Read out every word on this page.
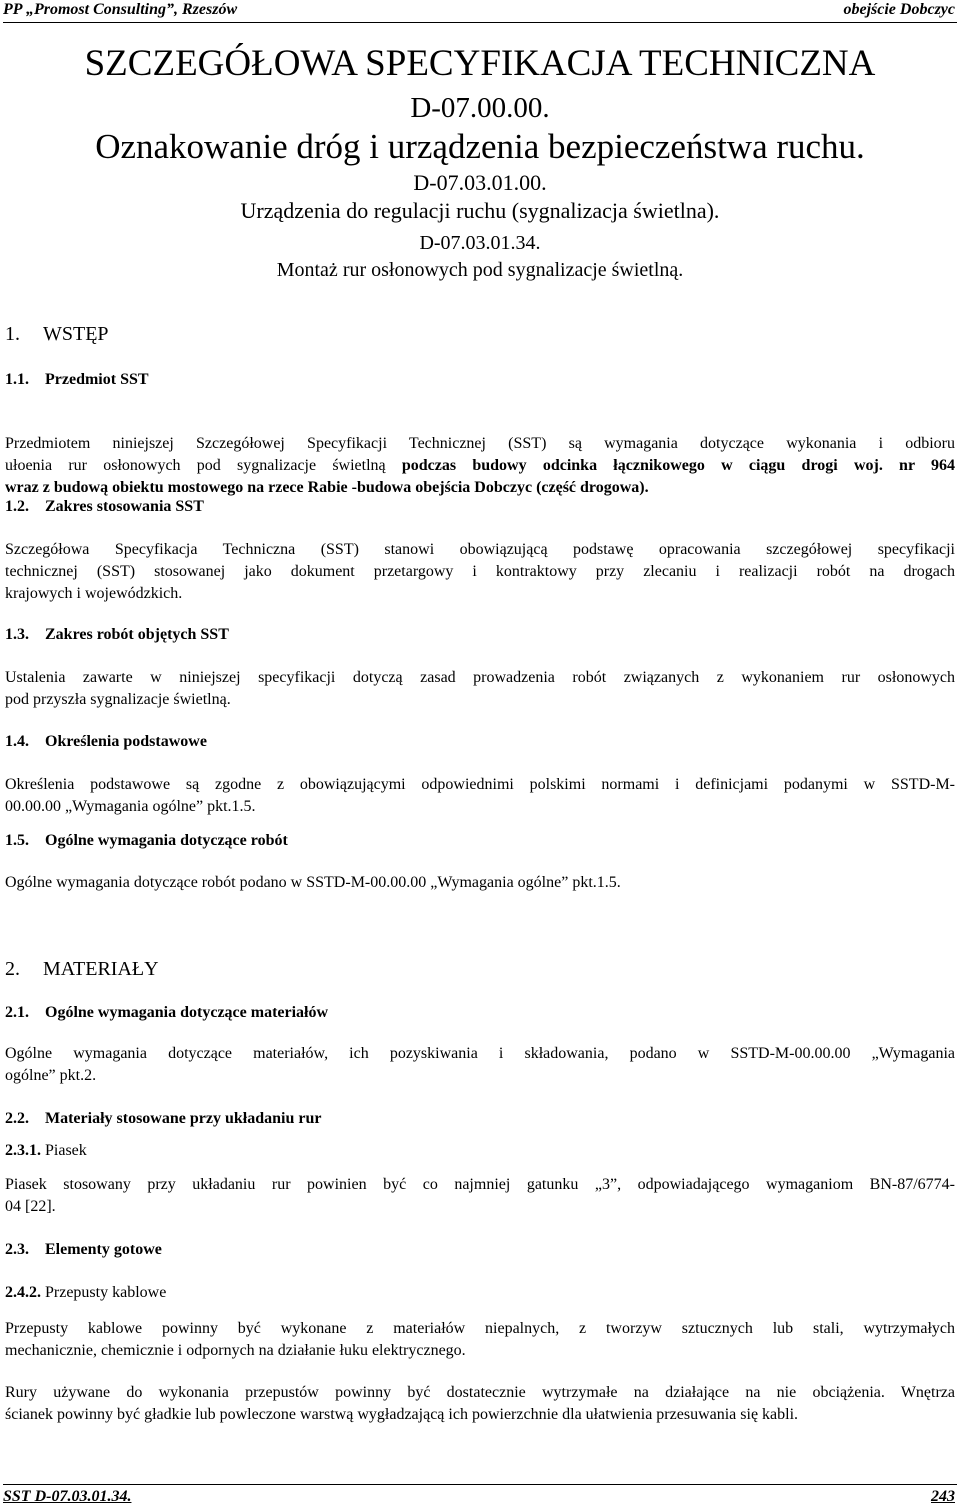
PP „Promost Consulting”, Rzeszów	obejście Dobczyc
SZCZEGÓŁOWA SPECYFIKACJA TECHNICZNA
D-07.00.00.
Oznakowanie dróg i urządzenia bezpieczeństwa ruchu.
D-07.03.01.00.
Urządzenia do regulacji ruchu (sygnalizacja świetlna).
D-07.03.01.34.
Montaż rur osłonowych pod sygnalizacje świetlną.
1. WSTĘP
1.1. Przedmiot SST
Przedmiotem niniejszej Szczegółowej Specyfikacji Technicznej (SST) są wymagania dotyczące wykonania i odbioru
ułoenia rur osłonowych pod sygnalizacje świetlną podczas budowy odcinka łącznikowego w ciągu drogi woj. nr 964
wraz z budową obiektu mostowego na rzece Rabie -budowa obejścia Dobczyc (część drogowa).
1.2. Zakres stosowania SST
Szczegółowa Specyfikacja Techniczna (SST) stanowi obowiązującą podstawę opracowania szczegółowej specyfikacji
technicznej (SST) stosowanej jako dokument przetargowy i kontraktowy przy zlecaniu i realizacji robót na drogach
krajowych i wojewódzkich.
1.3. Zakres robót objętych SST
Ustalenia zawarte w niniejszej specyfikacji dotyczą zasad prowadzenia robót związanych z wykonaniem rur osłonowych
pod przyszła sygnalizacje świetlną.
1.4. Określenia podstawowe
Określenia podstawowe są zgodne z obowiązującymi odpowiednimi polskimi normami i definicjami podanymi w SSTD-M-
00.00.00 „Wymagania ogólne” pkt.1.5.
1.5. Ogólne wymagania dotyczące robót
Ogólne wymagania dotyczące robót podano w SSTD-M-00.00.00 „Wymagania ogólne” pkt.1.5.
2. MATERIAŁY
2.1. Ogólne wymagania dotyczące materiałów
Ogólne wymagania dotyczące materiałów, ich pozyskiwania i składowania, podano w SSTD-M-00.00.00 „Wymagania
ogólne” pkt.2.
2.2. Materiały stosowane przy układaniu rur
2.3.1. Piasek
Piasek stosowany przy układaniu rur powinien być co najmniej gatunku „3”, odpowiadającego wymaganiom BN-87/6774-
04 [22].
2.3. Elementy gotowe
2.4.2. Przepusty kablowe
Przepusty kablowe powinny być wykonane z materiałów niepalnych, z tworzyw sztucznych lub stali, wytrzymałych
mechanicznie, chemicznie i odpornych na działanie łuku elektrycznego.
Rury używane do wykonania przepustów powinny być dostatecznie wytrzymałe na działające na nie obciążenia. Wnętrza
ścianek powinny być gładkie lub powleczone warstwą wygładzającą ich powierzchnie dla ułatwienia przesuwania się kabli.
SST D-07.03.01.34.	243
